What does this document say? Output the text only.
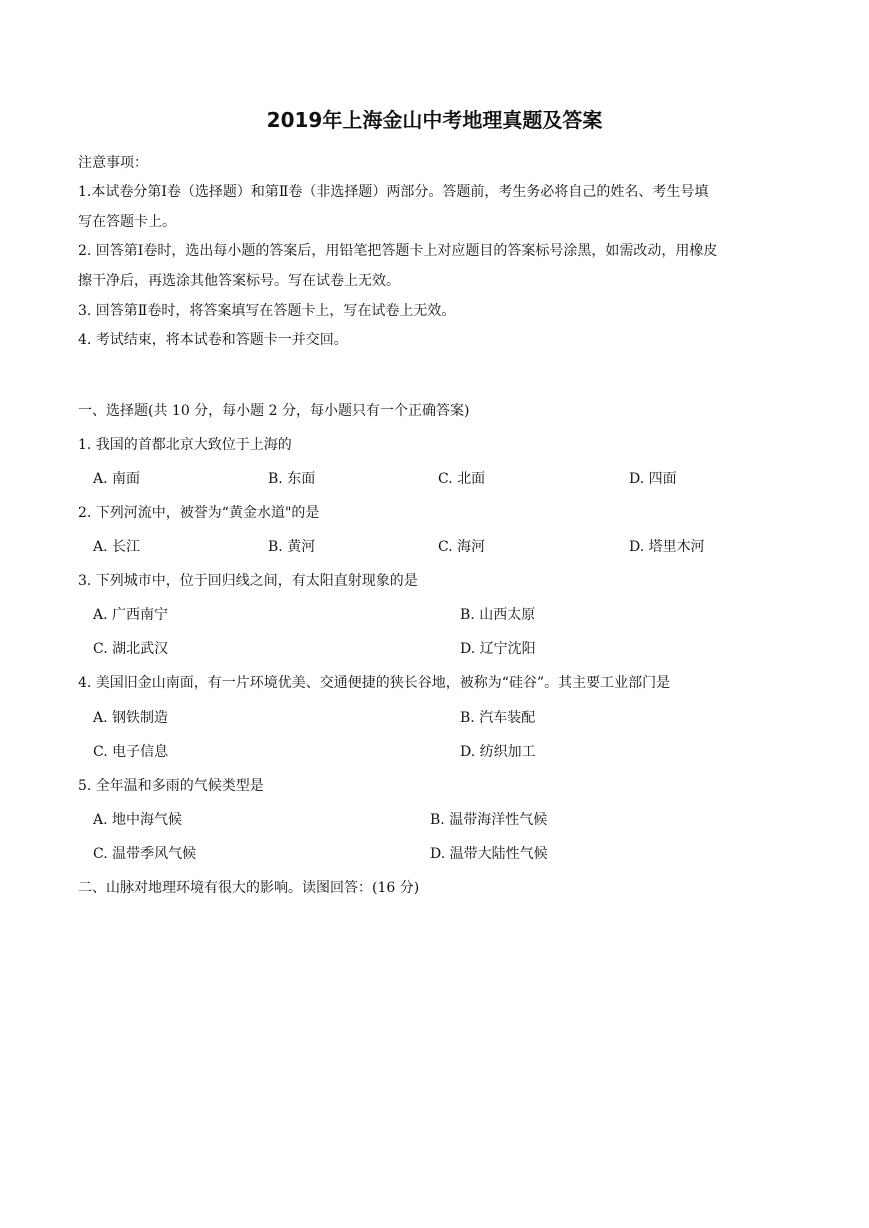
2019年上海金山中考地理真题及答案
注意事项：
1.本试卷分第Ⅰ卷（选择题）和第Ⅱ卷（非选择题）两部分。答题前，考生务必将自己的姓名、考生号填
写在答题卡上。
2. 回答第Ⅰ卷时，选出每小题的答案后，用铅笔把答题卡上对应题目的答案标号涂黑，如需改动，用橡皮
擦干净后，再选涂其他答案标号。写在试卷上无效。
3. 回答第Ⅱ卷时，将答案填写在答题卡上，写在试卷上无效。
4. 考试结束，将本试卷和答题卡一并交回。
一、选择题(共 10 分，每小题 2 分，每小题只有一个正确答案)
1. 我国的首都北京大致位于上海的
A. 南面	B. 东面	C. 北面	D. 四面
2. 下列河流中，被誉为“黄金水道"的是
A. 长江	B. 黄河	C. 海河	D. 塔里木河
3. 下列城市中，位于回归线之间，有太阳直射现象的是
A. 广西南宁	B. 山西太原
C. 湖北武汉	D. 辽宁沈阳
4. 美国旧金山南面，有一片环境优美、交通便捷的狭长谷地，被称为“硅谷”。其主要工业部门是
A. 钢铁制造	B. 汽车装配
C. 电子信息	D. 纺织加工
5. 全年温和多雨的气候类型是
A. 地中海气候	B. 温带海洋性气候
C. 温带季风气候	D. 温带大陆性气候
二、山脉对地理环境有很大的影响。读图回答：(16 分)
